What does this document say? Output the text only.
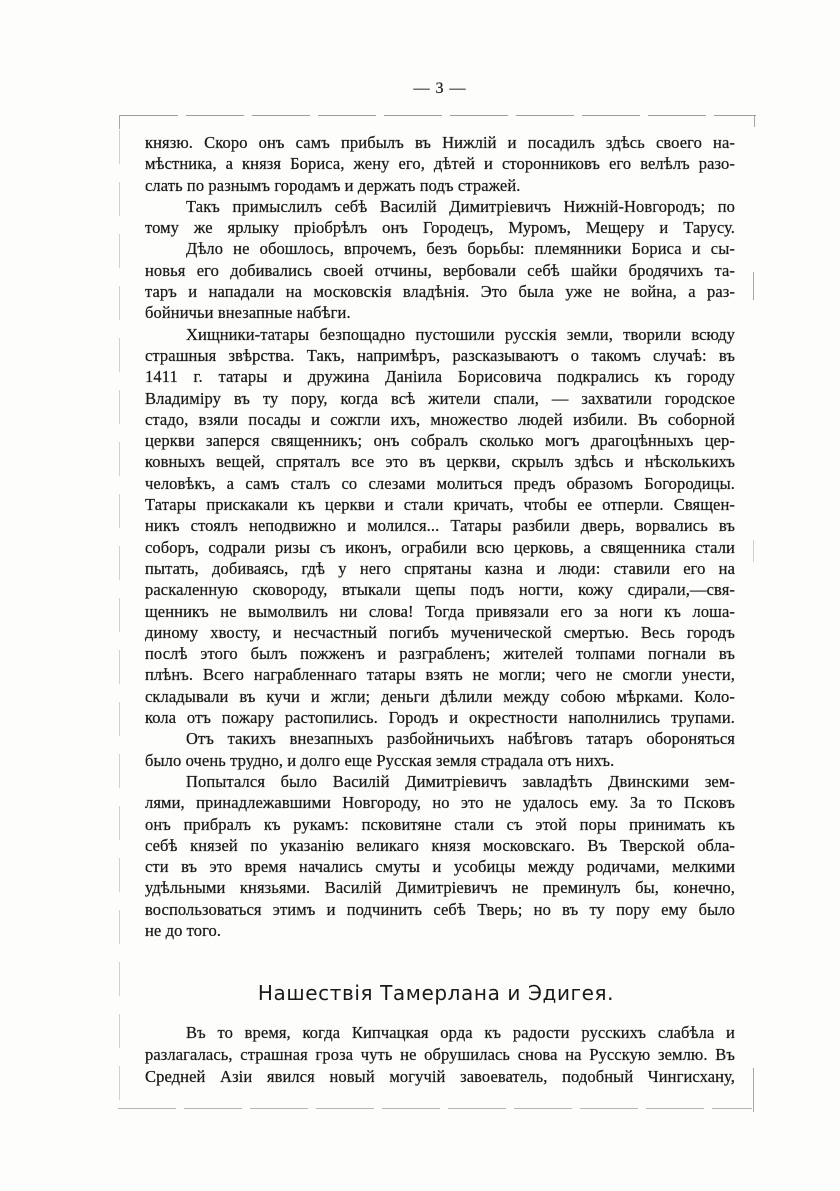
— 3 —
князю. Скоро онъ самъ прибылъ въ Нижлій и посадилъ здѣсь своего на-
мѣстника, а князя Бориса, жену его, дѣтей и сторонниковъ его велѣлъ разо-
слать по разнымъ городамъ и держать подъ стражей.
Такъ примыслилъ себѣ Василій Димитріевичъ Нижній-Новгородъ; по
тому же ярлыку пріобрѣлъ онъ Городецъ, Муромъ, Мещеру и Тарусу.
Дѣло не обошлось, впрочемъ, безъ борьбы: племянники Бориса и сы-
новья его добивались своей отчины, вербовали себѣ шайки бродячихъ та-
таръ и нападали на московскія владѣнія. Это была уже не война, а раз-
бойничьи внезапные набѣги.
Хищники-татары безпощадно пустошили русскія земли, творили всюду
страшныя звѣрства. Такъ, напримѣръ, разсказываютъ о такомъ случаѣ: въ
1411 г. татары и дружина Даніила Борисовича подкрались къ городу
Владиміру въ ту пору, когда всѣ жители спали, — захватили городское
стадо, взяли посады и сожгли ихъ, множество людей избили. Въ соборной
церкви заперся священникъ; онъ собралъ сколько могъ драгоцѣнныхъ цер-
ковныхъ вещей, спряталъ все это въ церкви, скрылъ здѣсь и нѣсколькихъ
человѣкъ, а самъ сталъ со слезами молиться предъ образомъ Богородицы.
Татары прискакали къ церкви и стали кричать, чтобы ее отперли. Священ-
никъ стоялъ неподвижно и молился... Татары разбили дверь, ворвались въ
соборъ, содрали ризы съ иконъ, ограбили всю церковь, а священника стали
пытать, добиваясь, гдѣ у него спрятаны казна и люди: ставили его на
раскаленную сковороду, втыкали щепы подъ ногти, кожу сдирали,—свя-
щенникъ не вымолвилъ ни слова! Тогда привязали его за ноги къ лоша-
диному хвосту, и несчастный погибъ мученической смертью. Весь городъ
послѣ этого былъ пожженъ и разграбленъ; жителей толпами погнали въ
плѣнъ. Всего награбленнаго татары взять не могли; чего не смогли унести,
складывали въ кучи и жгли; деньги дѣлили между собою мѣрками. Коло-
кола отъ пожару растопились. Городъ и окрестности наполнились трупами.
Отъ такихъ внезапныхъ разбойничьихъ набѣговъ татаръ обороняться
было очень трудно, и долго еще Русская земля страдала отъ нихъ.
Попытался было Василій Димитріевичъ завладѣть Двинскими зем-
лями, принадлежавшими Новгороду, но это не удалось ему. За то Псковъ
онъ прибралъ къ рукамъ: псковитяне стали съ этой поры принимать къ
себѣ князей по указанію великаго князя московскаго. Въ Тверской обла-
сти въ это время начались смуты и усобицы между родичами, мелкими
удѣльными князьями. Василій Димитріевичъ не преминулъ бы, конечно,
воспользоваться этимъ и подчинить себѣ Тверь; но въ ту пору ему было
не до того.
Нашествія Тамерлана и Эдигея.
Въ то время, когда Кипчацкая орда къ радости русскихъ слабѣла и
разлагалась, страшная гроза чуть не обрушилась снова на Русскую землю. Въ
Средней Азіи явился новый могучій завоеватель, подобный Чингисхану,
